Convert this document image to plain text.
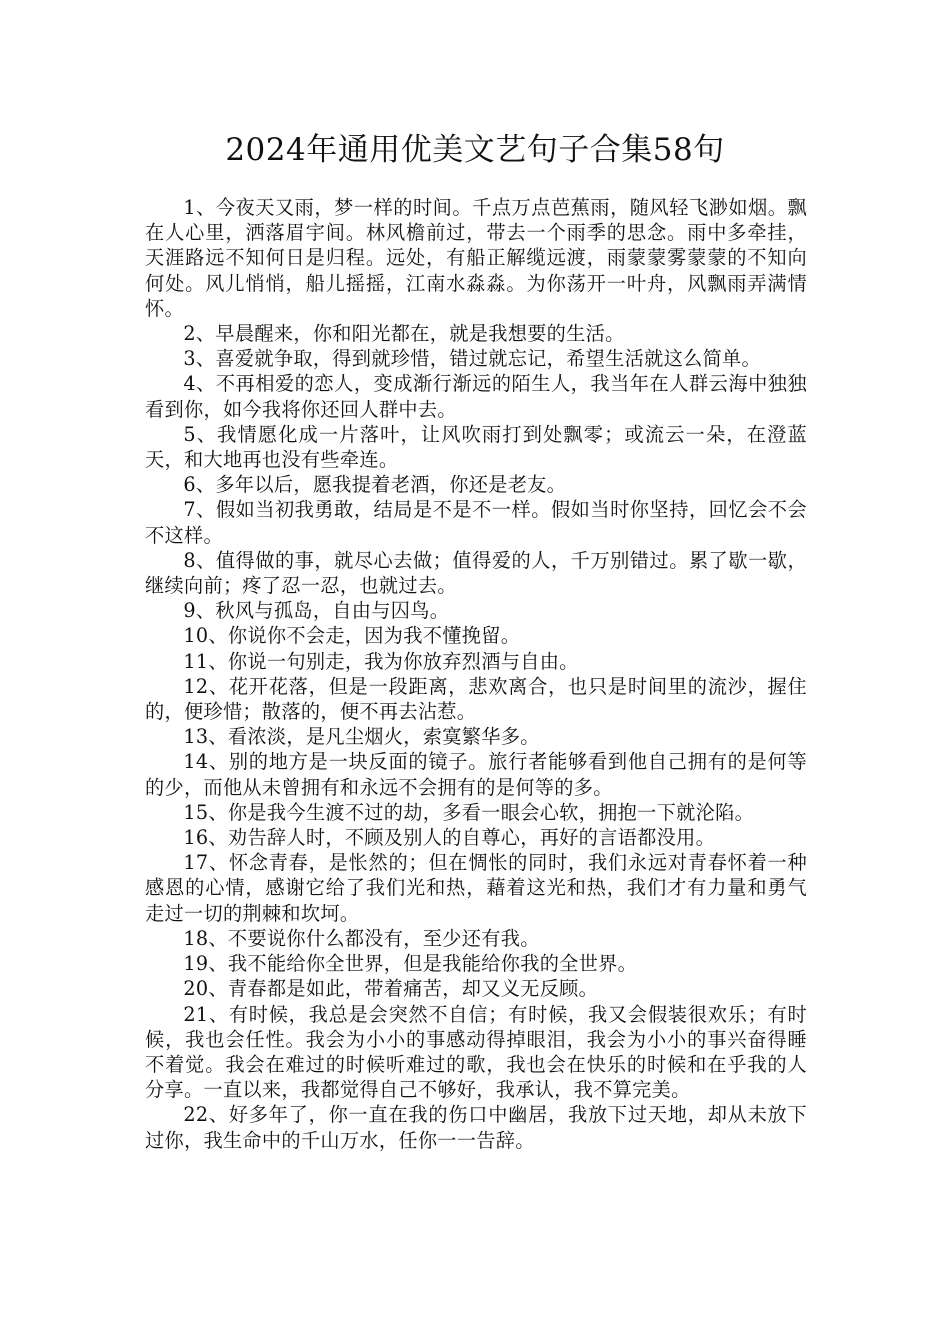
2024年通用优美文艺句子合集58句

1、今夜天又雨，梦一样的时间。千点万点芭蕉雨，随风轻飞渺如烟。飘在人心里，洒落眉宇间。林风檐前过，带去一个雨季的思念。雨中多牵挂，天涯路远不知何日是归程。远处，有船正解缆远渡，雨蒙蒙雾蒙蒙的不知向何处。风儿悄悄，船儿摇摇，江南水淼淼。为你荡开一叶舟，风飘雨弄满情怀。

2、早晨醒来，你和阳光都在，就是我想要的生活。

3、喜爱就争取，得到就珍惜，错过就忘记，希望生活就这么简单。

4、不再相爱的恋人，变成渐行渐远的陌生人，我当年在人群云海中独独看到你，如今我将你还回人群中去。

5、我情愿化成一片落叶，让风吹雨打到处飘零；或流云一朵，在澄蓝天，和大地再也没有些牵连。

6、多年以后，愿我提着老酒，你还是老友。

7、假如当初我勇敢，结局是不是不一样。假如当时你坚持，回忆会不会不这样。

8、值得做的事，就尽心去做；值得爱的人，千万别错过。累了歇一歇，继续向前；疼了忍一忍，也就过去。

9、秋风与孤岛，自由与囚鸟。

10、你说你不会走，因为我不懂挽留。

11、你说一句别走，我为你放弃烈酒与自由。

12、花开花落，但是一段距离，悲欢离合，也只是时间里的流沙，握住的，便珍惜；散落的，便不再去沾惹。

13、看浓淡，是凡尘烟火，索寞繁华多。

14、别的地方是一块反面的镜子。旅行者能够看到他自己拥有的是何等的少，而他从未曾拥有和永远不会拥有的是何等的多。

15、你是我今生渡不过的劫，多看一眼会心软，拥抱一下就沦陷。

16、劝告辞人时，不顾及别人的自尊心，再好的言语都没用。

17、怀念青春，是怅然的；但在惆怅的同时，我们永远对青春怀着一种感恩的心情，感谢它给了我们光和热，藉着这光和热，我们才有力量和勇气走过一切的荆棘和坎坷。

18、不要说你什么都没有，至少还有我。

19、我不能给你全世界，但是我能给你我的全世界。

20、青春都是如此，带着痛苦，却又义无反顾。

21、有时候，我总是会突然不自信；有时候，我又会假装很欢乐；有时候，我也会任性。我会为小小的事感动得掉眼泪，我会为小小的事兴奋得睡不着觉。我会在难过的时候听难过的歌，我也会在快乐的时候和在乎我的人分享。一直以来，我都觉得自己不够好，我承认，我不算完美。

22、好多年了，你一直在我的伤口中幽居，我放下过天地，却从未放下过你，我生命中的千山万水，任你一一告辞。
